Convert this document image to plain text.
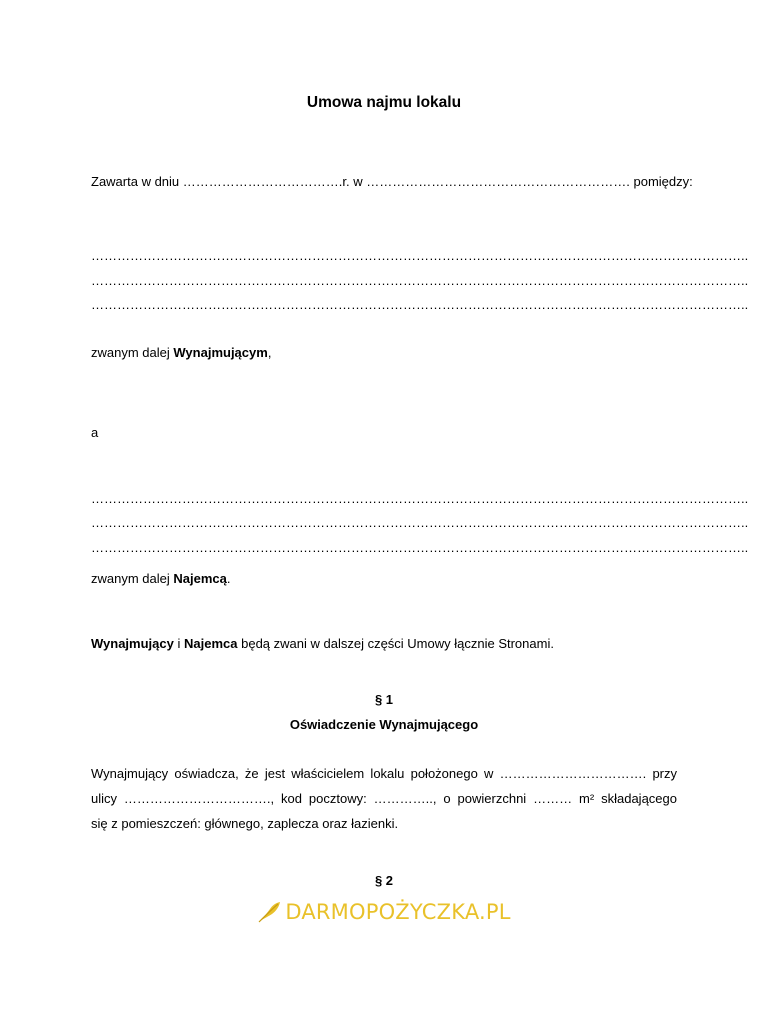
Umowa najmu lokalu
Zawarta w dniu ……………………………….r. w ……………………………………………………. pomiędzy:
……………………………………………………………………………………………………………………………………..
……………………………………………………………………………………………………………………………………..
……………………………………………………………………………………………………………………………………..
zwanym dalej Wynajmującym,
a
……………………………………………………………………………………………………………………………………..
……………………………………………………………………………………………………………………………………..
……………………………………………………………………………………………………………………………………..
zwanym dalej Najemcą.
Wynajmujący i Najemca będą zwani w dalszej części Umowy łącznie Stronami.
§ 1
Oświadczenie Wynajmującego
Wynajmujący oświadcza, że jest właścicielem lokalu położonego w ……………………………. przy
ulicy ……………………………., kod pocztowy: ………….., o powierzchni ……… m² składającego
się z pomieszczeń: głównego, zaplecza oraz łazienki.
§ 2
DARMOPOŻYCZKA.PL
